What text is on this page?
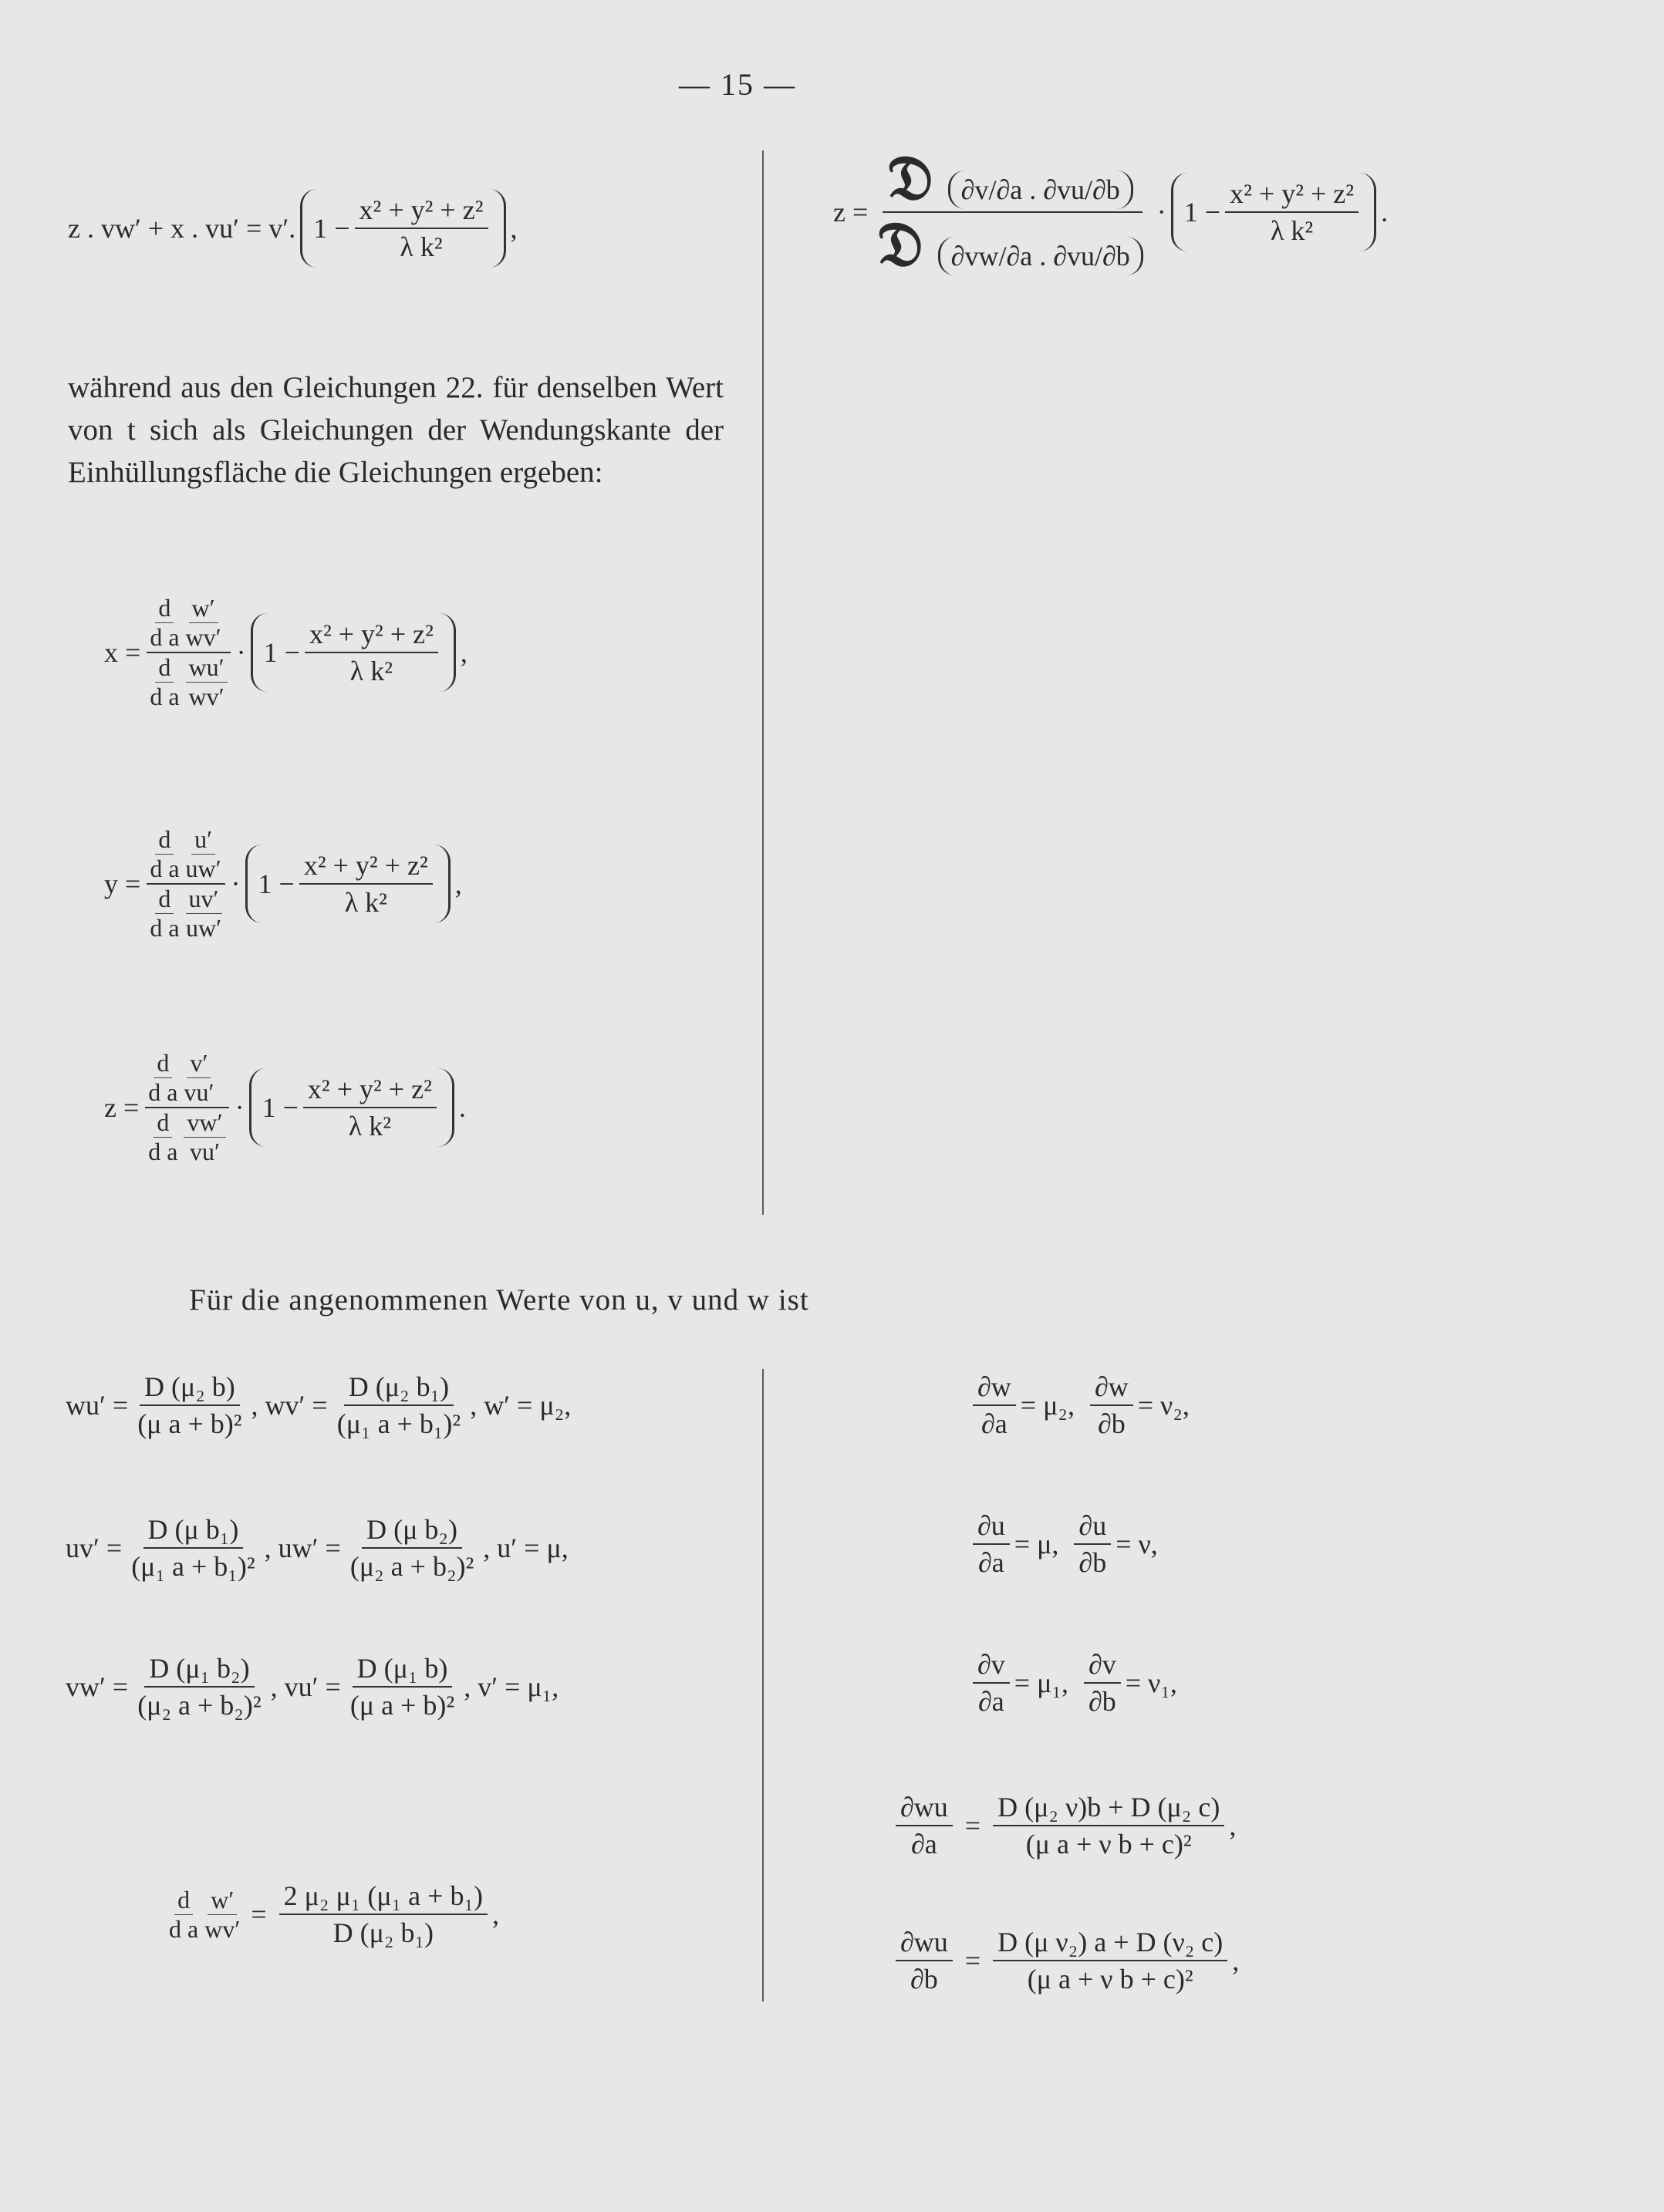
— 15 —
z . vw′ + x . vu′ = v′. $1 - \frac{\text{x² + y² + z²}}{\text{λ k²}}$ ,
$z = \frac{\text{𝔇 ∂v/∂a . ∂vu/∂b}}{\text{𝔇 ∂vw/∂a . ∂vu/∂b}} \cdot 1 - \frac{\text{x² + y² + z²}}{\text{λ k²}}$ .
während aus den Gleichungen 22. für denselben Wert von t sich als Gleichungen der Wendungskante der Einhüllungsfläche die Gleichungen ergeben:
x = d
d a $\frac{w'}{wv'}$
d
d a $\frac{wu'}{wv'} \cdot 1 - \frac{\text{x² + y² + z²}}{\text{λ k²}}$ ,
y = d
d a $\frac{u'}{uw'}$
d
d a $\frac{uv'}{uw'} \cdot 1 - \frac{\text{x² + y² + z²}}{\text{λ k²}}$ ,
z = d
d a $\frac{v'}{vu'}$
d
d a $\frac{vw'}{vu'} \cdot 1 - \frac{\text{x² + y² + z²}}{\text{λ k²}}$ .
Für die angenommenen Werte von u, v und w ist
$wu' = \frac{\text{D (μ₂ b)}}{\text{(μ a + b)²}}$ , $wv' = \frac{\text{D (μ₂ b₁)}}{\text{(μ₁ a + b₁)²}}$ , w′ = μ₂,
$uv' = \frac{\text{D (μ b₁)}}{\text{(μ₁ a + b₁)²}}$ , $uw' = \frac{\text{D (μ b₂)}}{\text{(μ₂ a + b₂)²}}$ , u′ = μ,
$vw' = \frac{\text{D (μ₁ b₂)}}{\text{(μ₂ a + b₂)²}}$ , $vu' = \frac{\text{D (μ₁ b)}}{\text{(μ a + b)²}}$ , v′ = μ₁,
d
d a $\frac{w'}{wv'} = \frac{\text{2 μ₂ μ₁ (μ₁ a + b₁)}}{\text{D (μ₂ b₁)}}$ ,
$\frac{\partial w}{\partial a} = \mu_2$, $\frac{\partial w}{\partial b} = \nu_2$,
$\frac{\partial u}{\partial a} = \mu$, $\frac{\partial u}{\partial b} = \nu$,
$\frac{\partial v}{\partial a} = \mu_1$, $\frac{\partial v}{\partial b} = \nu_1$,
$\frac{\partial wu}{\partial a} = \frac{\text{D (μ₂ ν)b + D (μ₂ c)}}{\text{(μ a + ν b + c)²}}$ ,
$\frac{\partial wu}{\partial b} = \frac{\text{D (μ ν₂) a + D (ν₂ c)}}{\text{(μ a + ν b + c)²}}$ ,
